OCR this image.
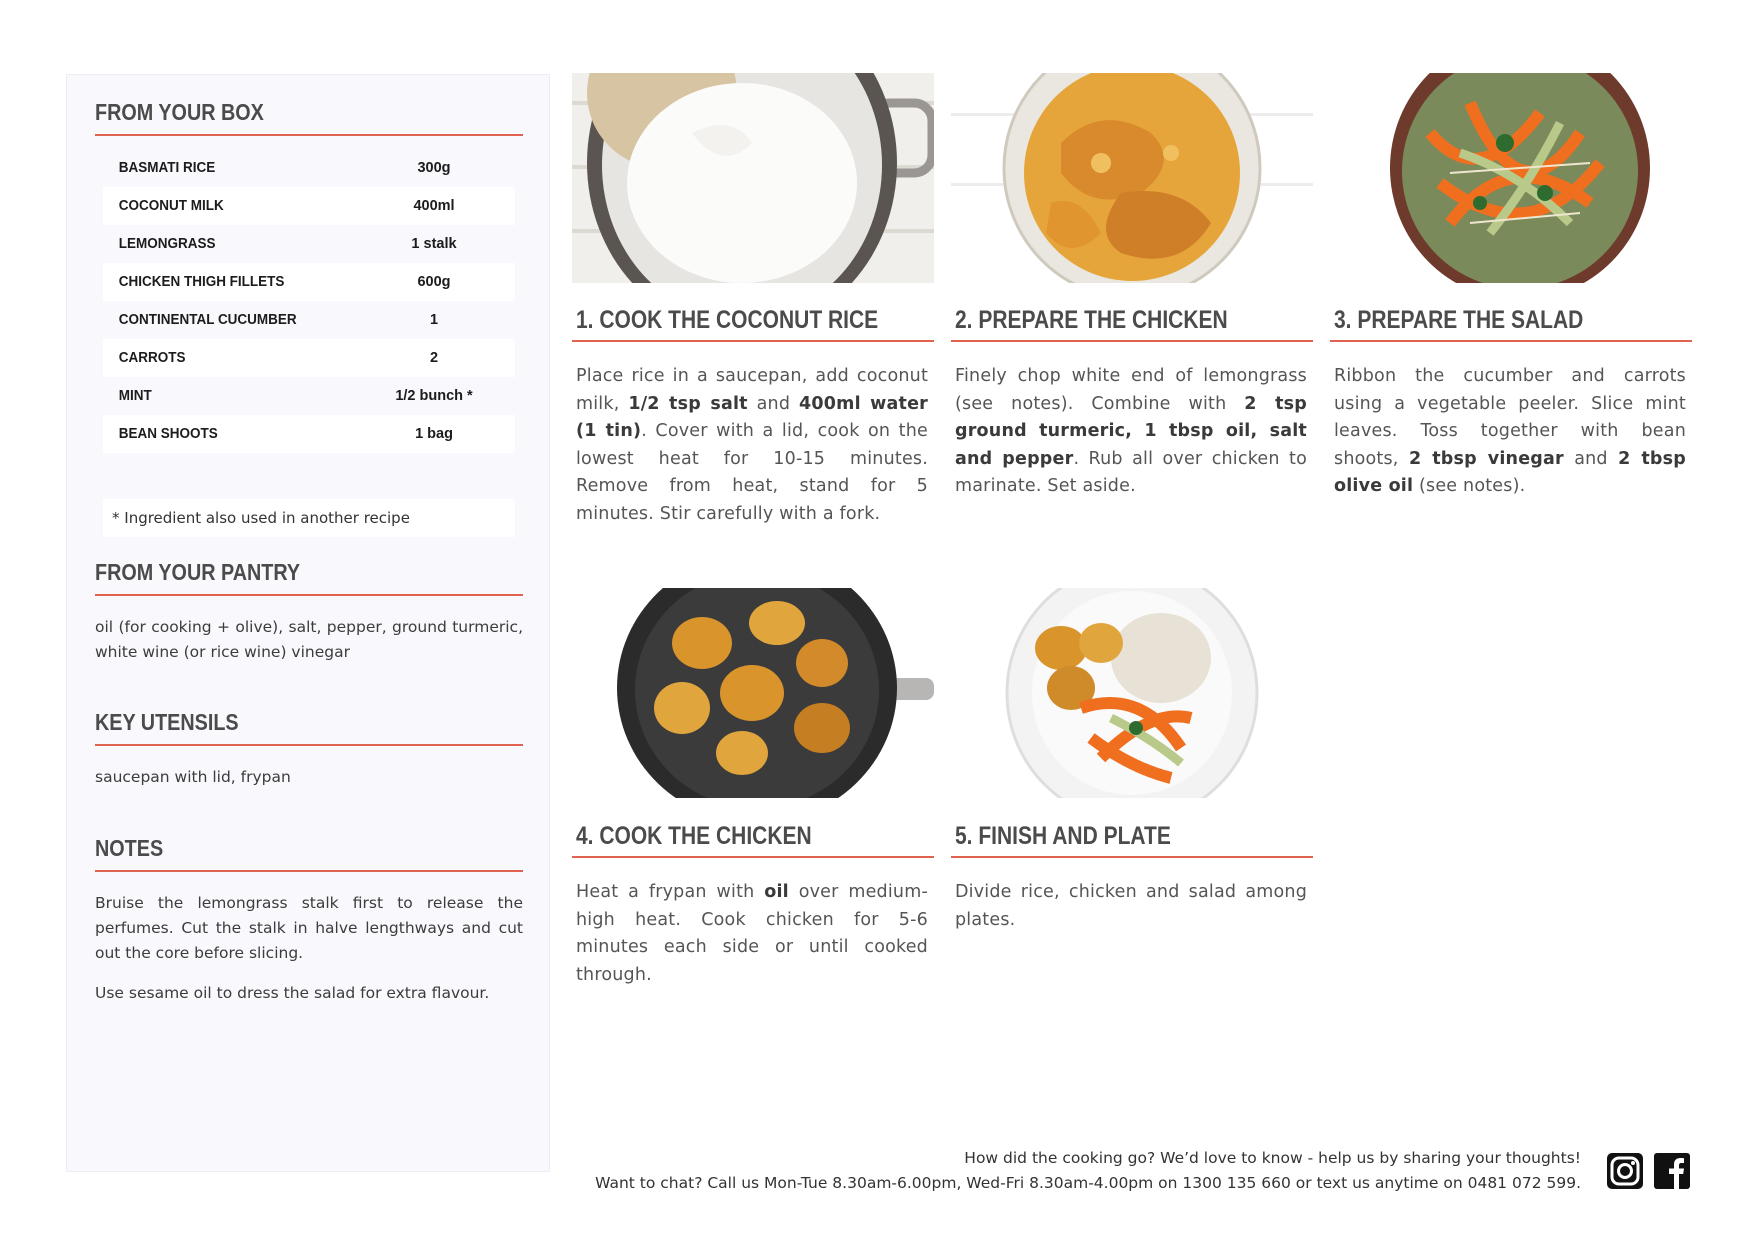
FROM YOUR BOX
BASMATI RICE	300g
COCONUT MILK	400ml
LEMONGRASS	1 stalk
CHICKEN THIGH FILLETS	600g
CONTINENTAL CUCUMBER	1
CARROTS	2
MINT	1/2 bunch *
BEAN SHOOTS	1 bag
* Ingredient also used in another recipe
FROM YOUR PANTRY
oil (for cooking + olive), salt, pepper, ground turmeric, white wine (or rice wine) vinegar
KEY UTENSILS
saucepan with lid, frypan
NOTES
Bruise the lemongrass stalk first to release the perfumes. Cut the stalk in halve lengthways and cut out the core before slicing.
Use sesame oil to dress the salad for extra flavour.
1. COOK THE COCONUT RICE
Place rice in a saucepan, add coconut milk, 1/2 tsp salt and 400ml water (1 tin). Cover with a lid, cook on the lowest heat for 10-15 minutes. Remove from heat, stand for 5 minutes. Stir carefully with a fork.
2. PREPARE THE CHICKEN
Finely chop white end of lemongrass (see notes). Combine with 2 tsp ground turmeric, 1 tbsp oil, salt and pepper. Rub all over chicken to marinate. Set aside.
3. PREPARE THE SALAD
Ribbon the cucumber and carrots using a vegetable peeler. Slice mint leaves. Toss together with bean shoots, 2 tbsp vinegar and 2 tbsp olive oil (see notes).
4. COOK THE CHICKEN
Heat a frypan with oil over medium-high heat. Cook chicken for 5-6 minutes each side or until cooked through.
5. FINISH AND PLATE
Divide rice, chicken and salad among plates.
How did the cooking go? We’d love to know - help us by sharing your thoughts!
Want to chat? Call us Mon-Tue 8.30am-6.00pm, Wed-Fri 8.30am-4.00pm on 1300 135 660 or text us anytime on 0481 072 599.
